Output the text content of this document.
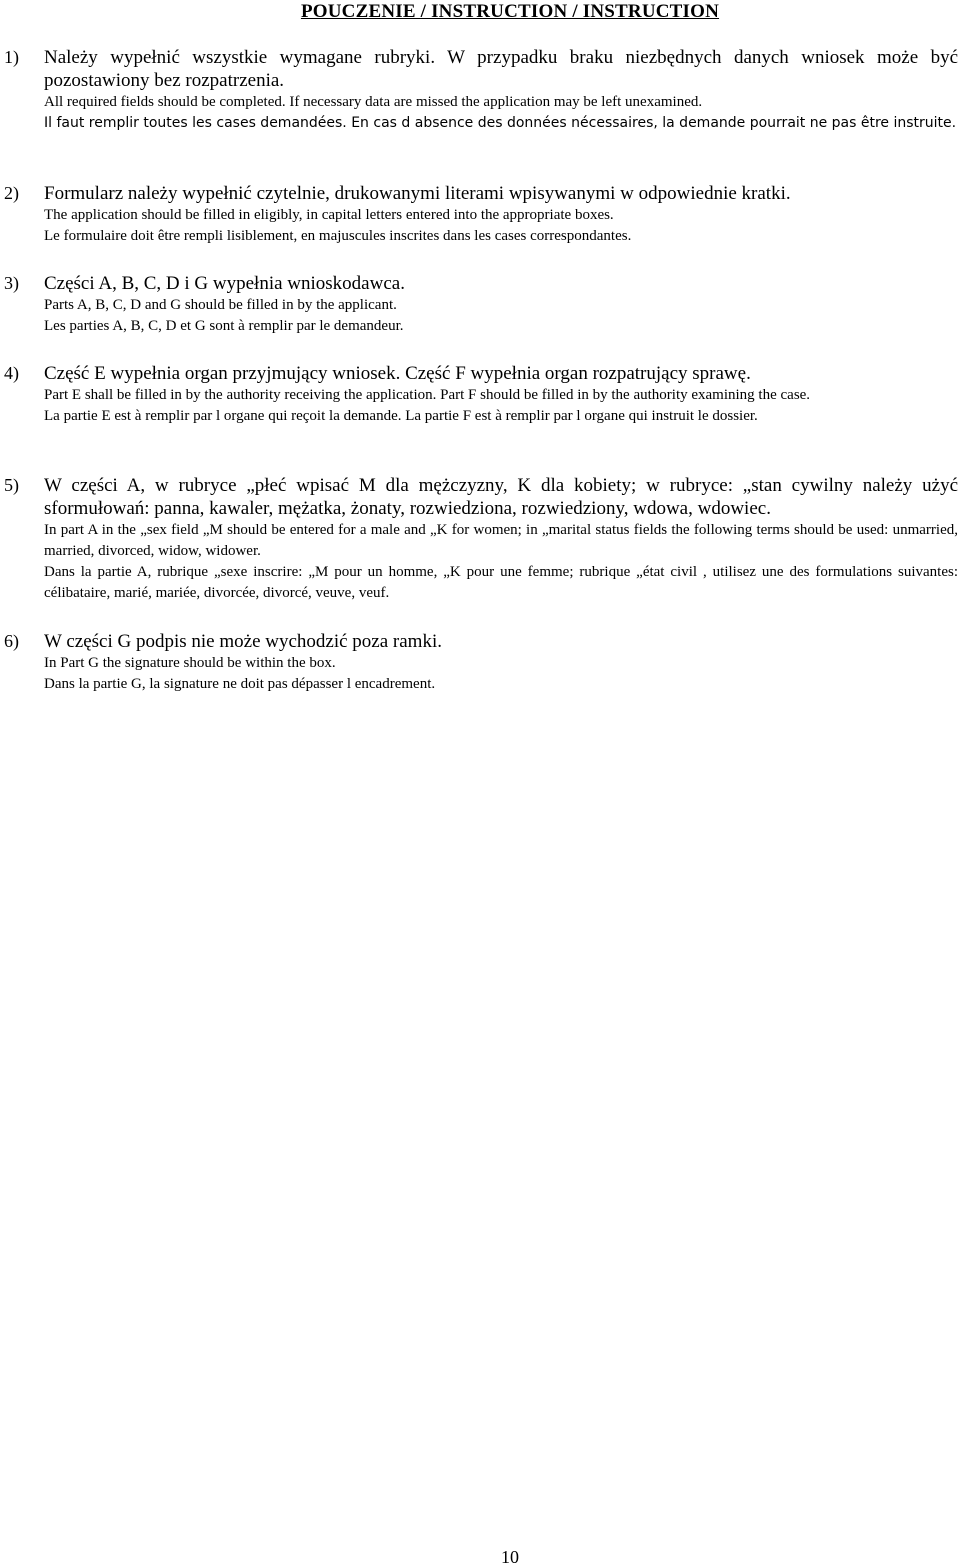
POUCZENIE / INSTRUCTION / INSTRUCTION
1) Należy wypełnić wszystkie wymagane rubryki. W przypadku braku niezbędnych danych wniosek może być pozostawiony bez rozpatrzenia.

All required fields should be completed. If necessary data are missed the application may be left unexamined.

Il faut remplir toutes les cases demandées. En cas d absence des données nécessaires, la demande pourrait ne pas être instruite.

2) Formularz należy wypełnić czytelnie, drukowanymi literami wpisywanymi w odpowiednie kratki.

The application should be filled in eligibly, in capital letters entered into the appropriate boxes.

Le formulaire doit être rempli lisiblement, en majuscules inscrites dans les cases correspondantes.

3) Części A, B, C, D i G wypełnia wnioskodawca.

Parts A, B, C, D and G should be filled in by the applicant.

Les parties A, B, C, D et G sont à remplir par le demandeur.

4) Część E wypełnia organ przyjmujący wniosek. Część F wypełnia organ rozpatrujący sprawę.

Part E shall be filled in by the authority receiving the application. Part F should be filled in by the authority examining the case.

La partie E est à remplir par l organe qui reçoit la demande. La partie F est à remplir par l organe qui instruit le dossier.

5) W części A, w rubryce „płeć wpisać M dla mężczyzny, K dla kobiety; w rubryce: „stan cywilny należy użyć sformułowań: panna, kawaler, mężatka, żonaty, rozwiedziona, rozwiedziony, wdowa, wdowiec.

In part A in the „sex field „M should be entered for a male and „K for women; in „marital status fields the following terms should be used: unmarried, married, divorced, widow, widower.

Dans la partie A, rubrique „sexe inscrire: „M pour un homme, „K pour une femme; rubrique „état civil , utilisez une des formulations suivantes: célibataire, marié, mariée, divorcée, divorcé, veuve, veuf.

6) W części G podpis nie może wychodzić poza ramki.

In Part G the signature should be within the box.

Dans la partie G, la signature ne doit pas dépasser l encadrement.

10
